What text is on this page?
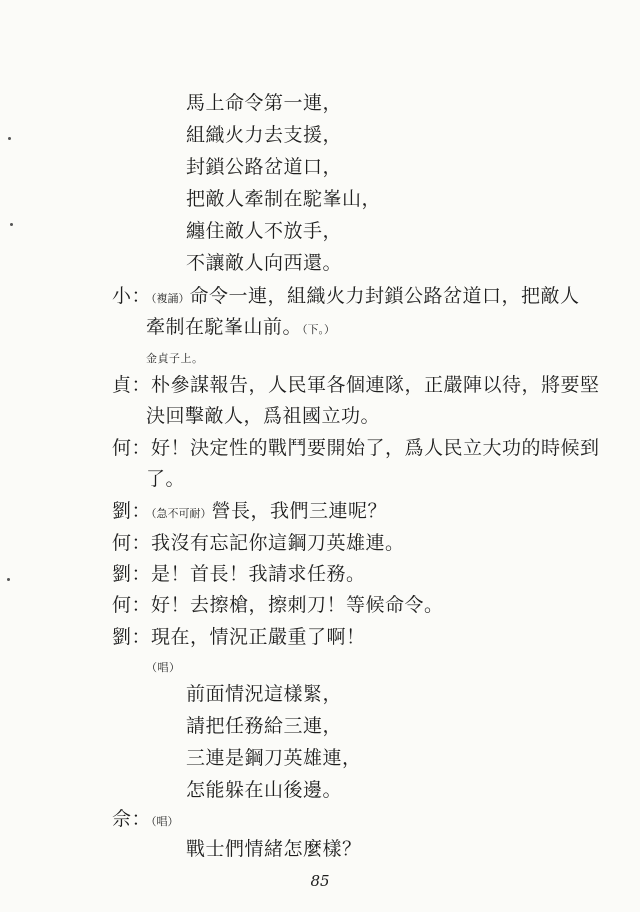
馬上命令第一連，
組織火力去支援，
封鎖公路岔道口，
把敵人牽制在駝峯山，
纏住敵人不放手，
不讓敵人向西還。
小：（複誦）命令一連，組織火力封鎖公路岔道口，把敵人
牽制在駝峯山前。（下。）
金貞子上。
貞：朴參謀報告，人民軍各個連隊，正嚴陣以待，將要堅
決回擊敵人，爲祖國立功。
何：好！決定性的戰鬥要開始了，爲人民立大功的時候到
了。
劉：（急不可耐）營長，我們三連呢？
何：我沒有忘記你這鋼刀英雄連。
劉：是！首長！我請求任務。
何：好！去擦槍，擦刺刀！等候命令。
劉：現在，情況正嚴重了啊！
（唱）
前面情況這樣緊，
請把任務給三連，
三連是鋼刀英雄連，
怎能躲在山後邊。
佘：（唱）
戰士們情緒怎麼樣？
85
